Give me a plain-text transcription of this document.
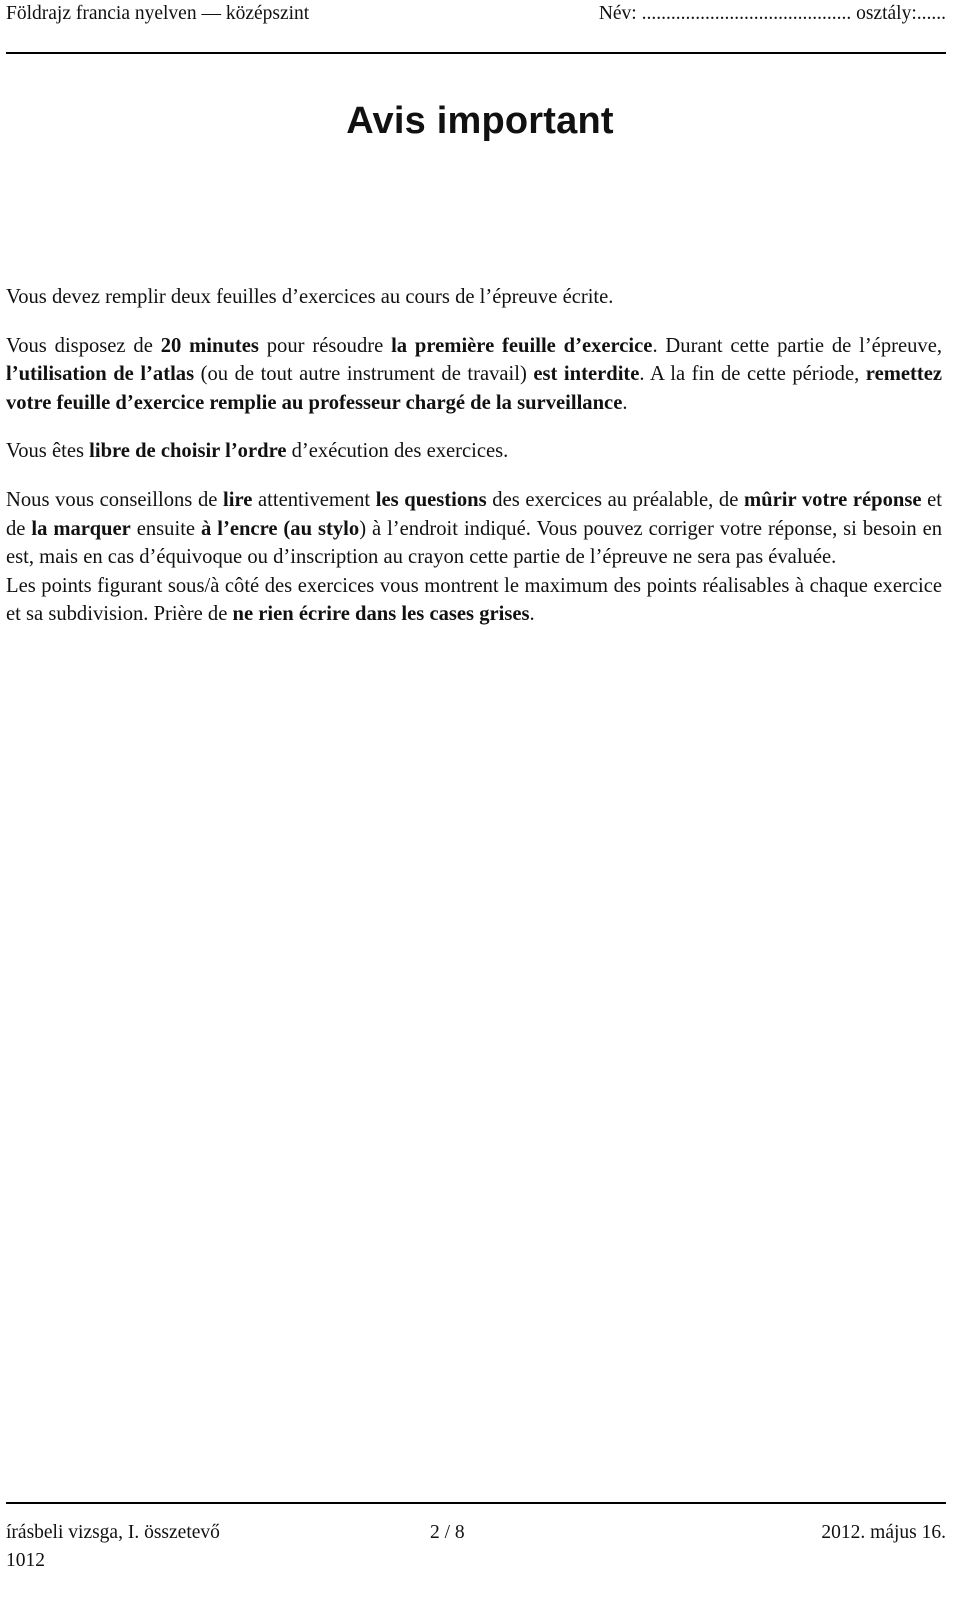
Földrajz francia nyelven — középszint	Név: ........................................... osztály:......
Avis important

Vous devez remplir deux feuilles d’exercices au cours de l’épreuve écrite.

Vous disposez de 20 minutes pour résoudre la première feuille d’exercice. Durant cette partie de l’épreuve, l’utilisation de l’atlas (ou de tout autre instrument de travail) est interdite. A la fin de cette période, remettez votre feuille d’exercice remplie au professeur chargé de la surveillance.

Vous êtes libre de choisir l’ordre d’exécution des exercices.

Nous vous conseillons de lire attentivement les questions des exercices au préalable, de mûrir votre réponse et de la marquer ensuite à l’encre (au stylo) à l’endroit indiqué. Vous pouvez corriger votre réponse, si besoin en est, mais en cas d’équivoque ou d’inscription au crayon cette partie de l’épreuve ne sera pas évaluée.

Les points figurant sous/à côté des exercices vous montrent le maximum des points réalisables à chaque exercice et sa subdivision. Prière de ne rien écrire dans les cases grises.

írásbeli vizsga, I. összetevő	2 / 8	2012. május 16.
1012
